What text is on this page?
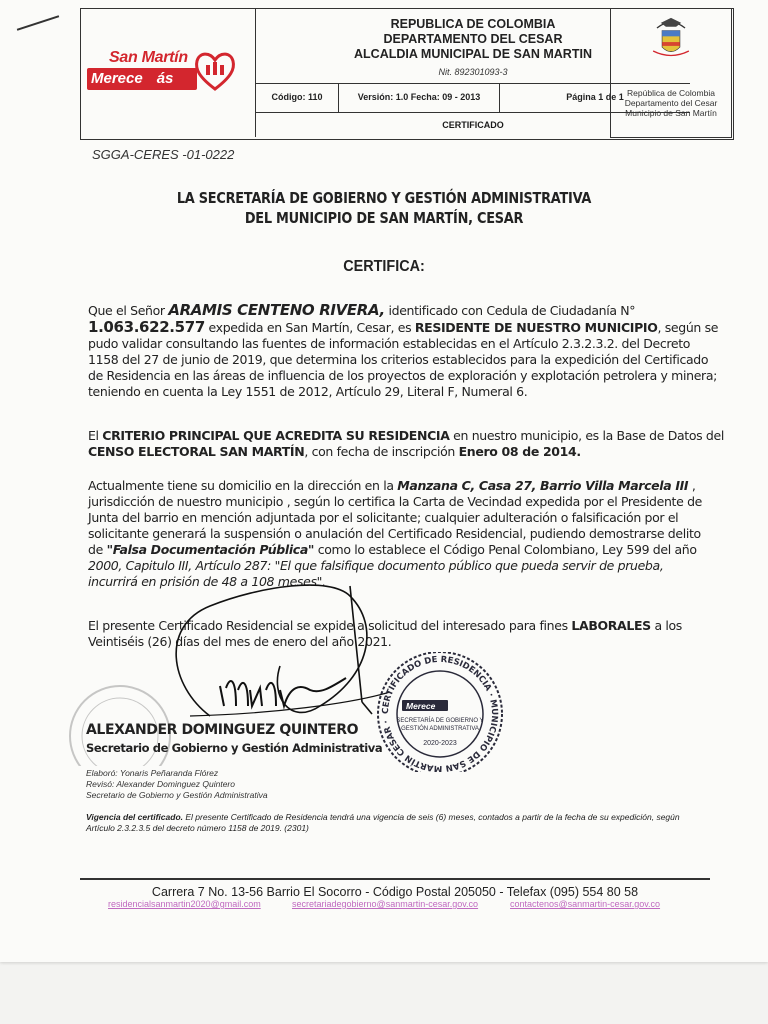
San Martín
Merece ás
REPUBLICA DE COLOMBIA
DEPARTAMENTO DEL CESAR
ALCALDIA MUNICIPAL DE SAN MARTIN
Nit. 892301093-3
Código: 110	Versión: 1.0 Fecha: 09 - 2013	Página 1 de 1
CERTIFICADO
República de Colombia
Departamento del Cesar
Municipio de San Martín
SGGA-CERES -01-0222
LA SECRETARÍA DE GOBIERNO Y GESTIÓN ADMINISTRATIVA
DEL MUNICIPIO DE SAN MARTÍN, CESAR
CERTIFICA:
Que el Señor ARAMIS CENTENO RIVERA, identificado con Cedula de Ciudadanía N°
1.063.622.577 expedida en San Martín, Cesar, es RESIDENTE DE NUESTRO MUNICIPIO, según se
pudo validar consultando las fuentes de información establecidas en el Artículo 2.3.2.3.2. del Decreto
1158 del 27 de junio de 2019, que determina los criterios establecidos para la expedición del Certificado
de Residencia en las áreas de influencia de los proyectos de exploración y explotación petrolera y minera;
teniendo en cuenta la Ley 1551 de 2012, Artículo 29, Literal F, Numeral 6.
El CRITERIO PRINCIPAL QUE ACREDITA SU RESIDENCIA en nuestro municipio, es la Base de Datos del
CENSO ELECTORAL SAN MARTÍN, con fecha de inscripción Enero 08 de 2014.
Actualmente tiene su domicilio en la dirección en la Manzana C, Casa 27, Barrio Villa Marcela III ,
jurisdicción de nuestro municipio , según lo certifica la Carta de Vecindad expedida por el Presidente de
Junta del barrio en mención adjuntada por el solicitante; cualquier adulteración o falsificación por el
solicitante generará la suspensión o anulación del Certificado Residencial, pudiendo demostrarse delito
de "Falsa Documentación Pública" como lo establece el Código Penal Colombiano, Ley 599 del año
2000, Capitulo III, Artículo 287: "El que falsifique documento público que pueda servir de prueba,
incurrirá en prisión de 48 a 108 meses".
El presente Certificado Residencial se expide a solicitud del interesado para fines LABORALES a los
Veintiséis (26) días del mes de enero del año 2021.
CERTIFICADO DE RESIDENCIA · MUNICIPIO DE SAN MARTÍN CESAR ·
Merece
SECRETARÍA DE GOBIERNO Y
GESTIÓN ADMINISTRATIVA
2020-2023
ALEXANDER DOMINGUEZ QUINTERO
Secretario de Gobierno y Gestión Administrativa
Elaboró: Yonaris Peñaranda Flórez
Revisó: Alexander Dominguez Quintero
Secretario de Gobierno y Gestión Administrativa
Vigencia del certificado. El presente Certificado de Residencia tendrá una vigencia de seis (6) meses, contados a partir de la fecha de su expedición, según
Artículo 2.3.2.3.5 del decreto número 1158 de 2019. (2301)
Carrera 7 No. 13-56 Barrio El Socorro - Código Postal 205050 - Telefax (095) 554 80 58
residencialsanmartin2020@gmail.com	secretariadegobierno@sanmartin-cesar.gov.co	contactenos@sanmartin-cesar.gov.co
